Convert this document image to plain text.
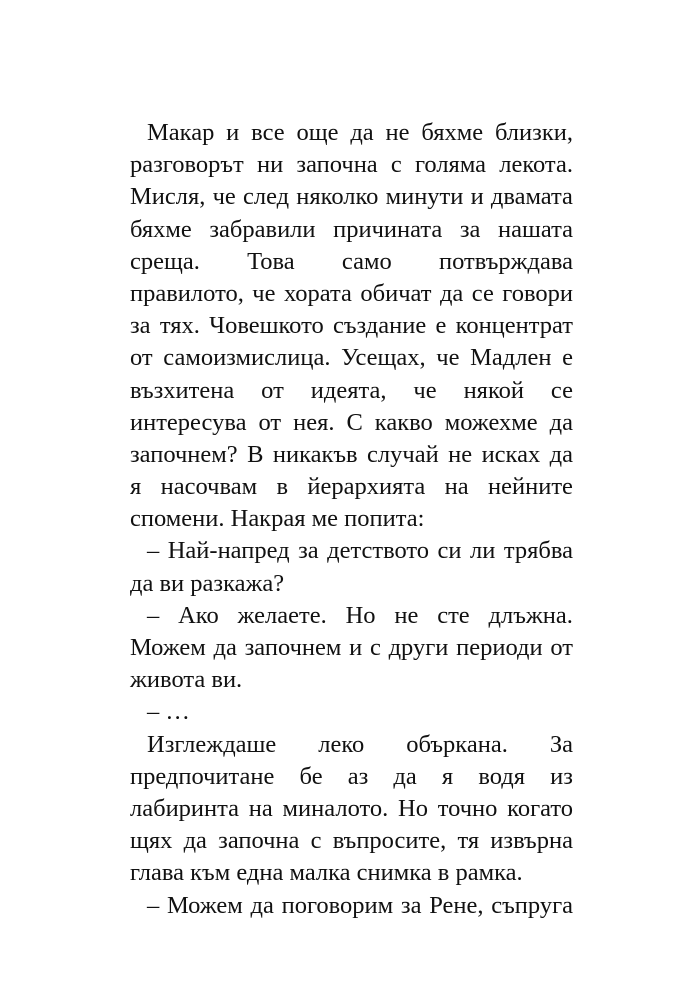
Макар и все още да не бяхме близки,
разговорът ни започна с голяма лекота.
Мисля, че след няколко минути и двамата
бяхме забравили причината за нашата
среща. Това само потвърждава
правилото, че хората обичат да се говори
за тях. Човешкото създание е концентрат
от самоизмислица. Усещах, че Мадлен е
възхитена от идеята, че някой се
интересува от нея. С какво можехме да
започнем? В никакъв случай не исках да
я насочвам в йерархията на нейните
спомени. Накрая ме попита:
– Най-напред за детството си ли трябва
да ви разкажа?
– Ако желаете. Но не сте длъжна.
Можем да започнем и с други периоди от
живота ви.
– …
Изглеждаше леко объркана. За
предпочитане бе аз да я водя из
лабиринта на миналото. Но точно когато
щях да започна с въпросите, тя извърна
глава към една малка снимка в рамка.
– Можем да поговорим за Рене, съпруга
